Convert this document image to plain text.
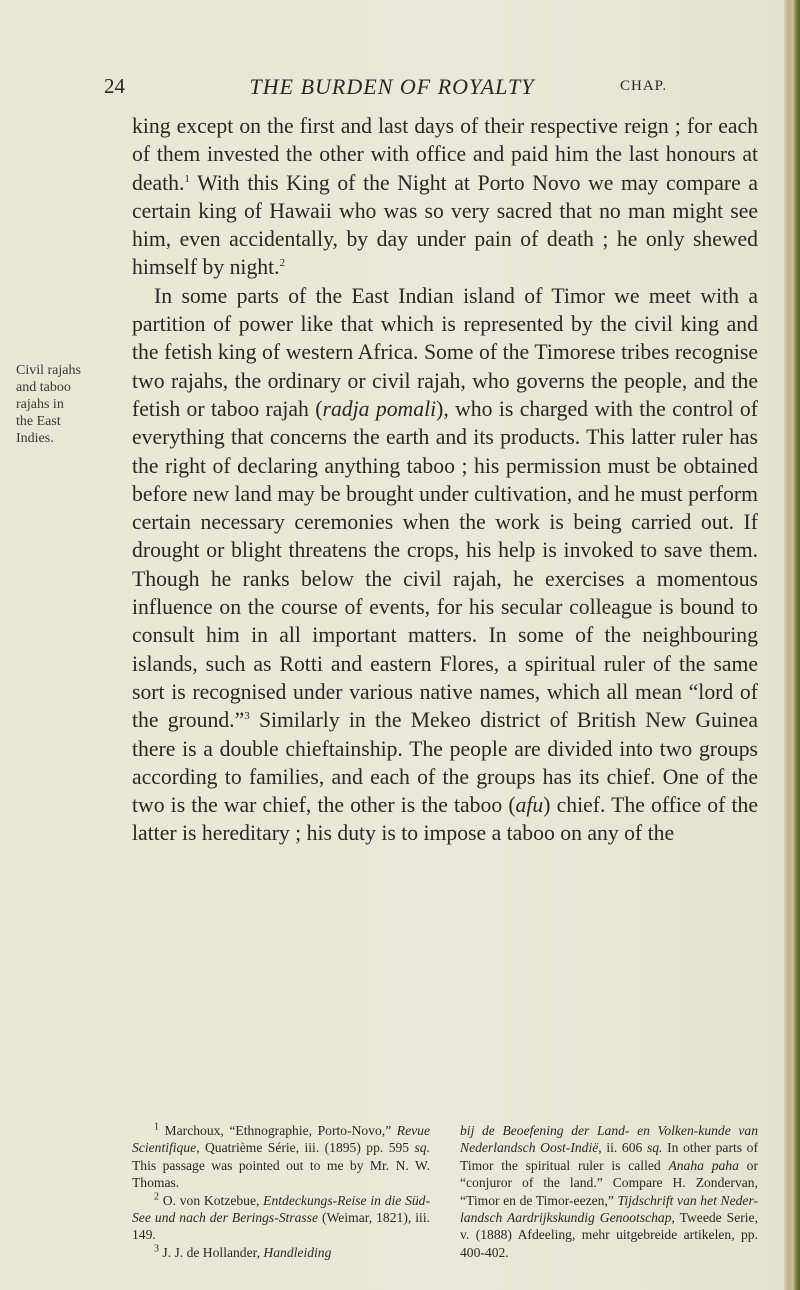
24	THE BURDEN OF ROYALTY	CHAP.
Civil rajahs
and taboo
rajahs in
the East
Indies.

king except on the first and last days of their respective reign ; for each of them invested the other with office and paid him the last honours at death.$^1$ With this King of the Night at Porto Novo we may compare a certain king of Hawaii who was so very sacred that no man might see him, even accidentally, by day under pain of death ; he only shewed himself by night.$^2$

In some parts of the East Indian island of Timor we meet with a partition of power like that which is represented by the civil king and the fetish king of western Africa. Some of the Timorese tribes recognise two rajahs, the ordinary or civil rajah, who governs the people, and the fetish or taboo rajah (radja pomali), who is charged with the control of everything that concerns the earth and its products. This latter ruler has the right of declaring anything taboo ; his permission must be obtained before new land may be brought under cultivation, and he must perform certain necessary ceremonies when the work is being carried out. If drought or blight threatens the crops, his help is invoked to save them. Though he ranks below the civil rajah, he exercises a momentous influence on the course of events, for his secular colleague is bound to consult him in all important matters. In some of the neighbouring islands, such as Rotti and eastern Flores, a spiritual ruler of the same sort is recognised under various native names, which all mean “lord of the ground.”$^3$ Similarly in the Mekeo district of British New Guinea there is a double chieftainship. The people are divided into two groups according to families, and each of the groups has its chief. One of the two is the war chief, the other is the taboo (afu) chief. The office of the latter is hereditary ; his duty is to impose a taboo on any of the

$^1$ Marchoux, “Ethnographie, Porto-Novo,” Revue Scientifique, Quatrième Série, iii. (1895) pp. 595 sq. This passage was pointed out to me by Mr. N. W. Thomas.

$^2$ O. von Kotzebue, Entdeckungs-Reise in die Süd-See und nach der Berings-Strasse (Weimar, 1821), iii. 149.

$^3$ J. J. de Hollander, Handleiding

bij de Beoefening der Land- en Volken-kunde van Nederlandsch Oost-Indië, ii. 606 sq. In other parts of Timor the spiritual ruler is called Anaha paha or “conjuror of the land.” Compare H. Zondervan, “Timor en de Timor-eezen,” Tijdschrift van het Neder-landsch Aardrijkskundig Genootschap, Tweede Serie, v. (1888) Afdeeling, mehr uitgebreide artikelen, pp. 400-402.
